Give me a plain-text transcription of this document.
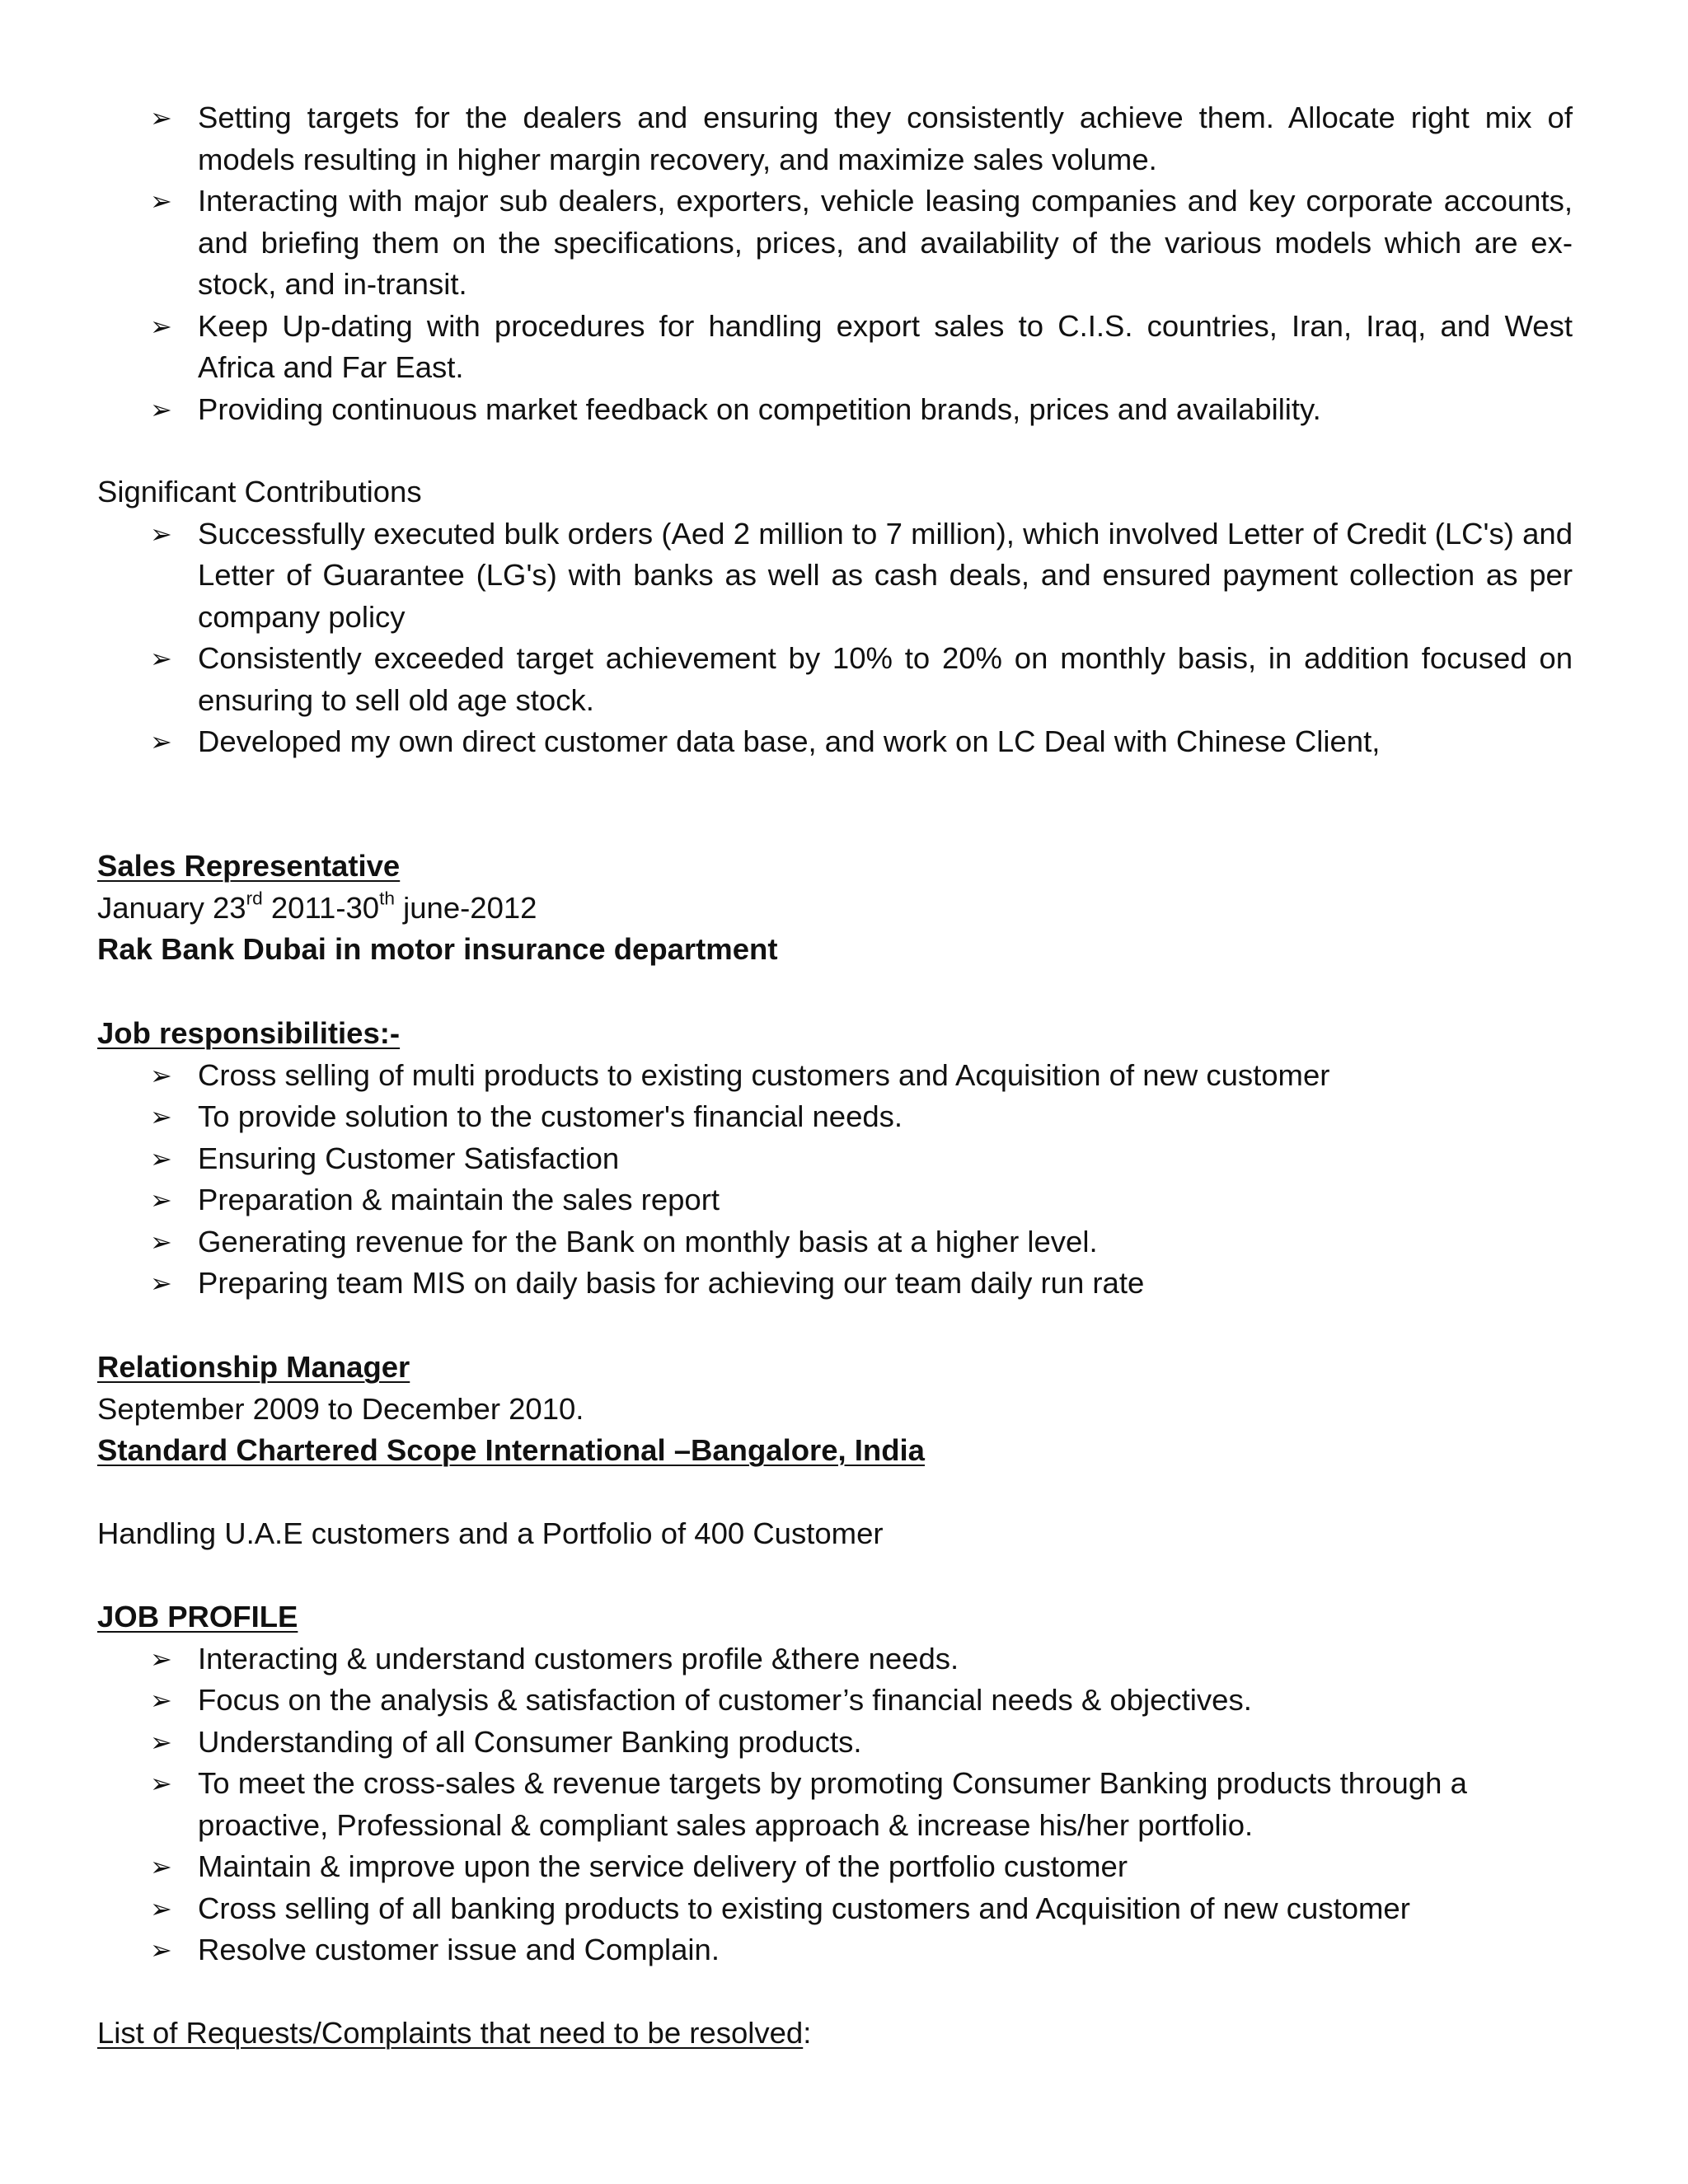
➢ Setting targets for the dealers and ensuring they consistently achieve them. Allocate right mix of models resulting in higher margin recovery, and maximize sales volume.
➢ Interacting with major sub dealers, exporters, vehicle leasing companies and key corporate accounts, and briefing them on the specifications, prices, and availability of the various models which are ex-stock, and in-transit.
➢ Keep Up-dating with procedures for handling export sales to C.I.S. countries, Iran, Iraq, and West Africa and Far East.
➢ Providing continuous market feedback on competition brands, prices and availability.

Significant Contributions

➢ Successfully executed bulk orders (Aed 2 million to 7 million), which involved Letter of Credit (LC's) and Letter of Guarantee (LG's) with banks as well as cash deals, and ensured payment collection as per company policy
➢ Consistently exceeded target achievement by 10% to 20% on monthly basis, in addition focused on ensuring to sell old age stock.
➢ Developed my own direct customer data base, and work on LC Deal with Chinese Client,

Sales Representative

January 23rd 2011-30th june-2012

Rak Bank Dubai in motor insurance department

Job responsibilities:-

➢ Cross selling of multi products to existing customers and Acquisition of new customer
➢ To provide solution to the customer's financial needs.
➢ Ensuring Customer Satisfaction
➢ Preparation & maintain the sales report
➢ Generating revenue for the Bank on monthly basis at a higher level.
➢ Preparing team MIS on daily basis for achieving our team daily run rate

Relationship Manager

September 2009 to December 2010.

Standard Chartered Scope International –Bangalore, India

Handling U.A.E customers and a Portfolio of 400 Customer

JOB PROFILE

➢ Interacting & understand customers profile &there needs.
➢ Focus on the analysis & satisfaction of customer’s financial needs & objectives.
➢ Understanding of all Consumer Banking products.
➢ To meet the cross-sales & revenue targets by promoting Consumer Banking products through a proactive, Professional & compliant sales approach & increase his/her portfolio.
➢ Maintain & improve upon the service delivery of the portfolio customer
➢ Cross selling of all banking products to existing customers and Acquisition of new customer
➢ Resolve customer issue and Complain.

List of Requests/Complaints that need to be resolved:
